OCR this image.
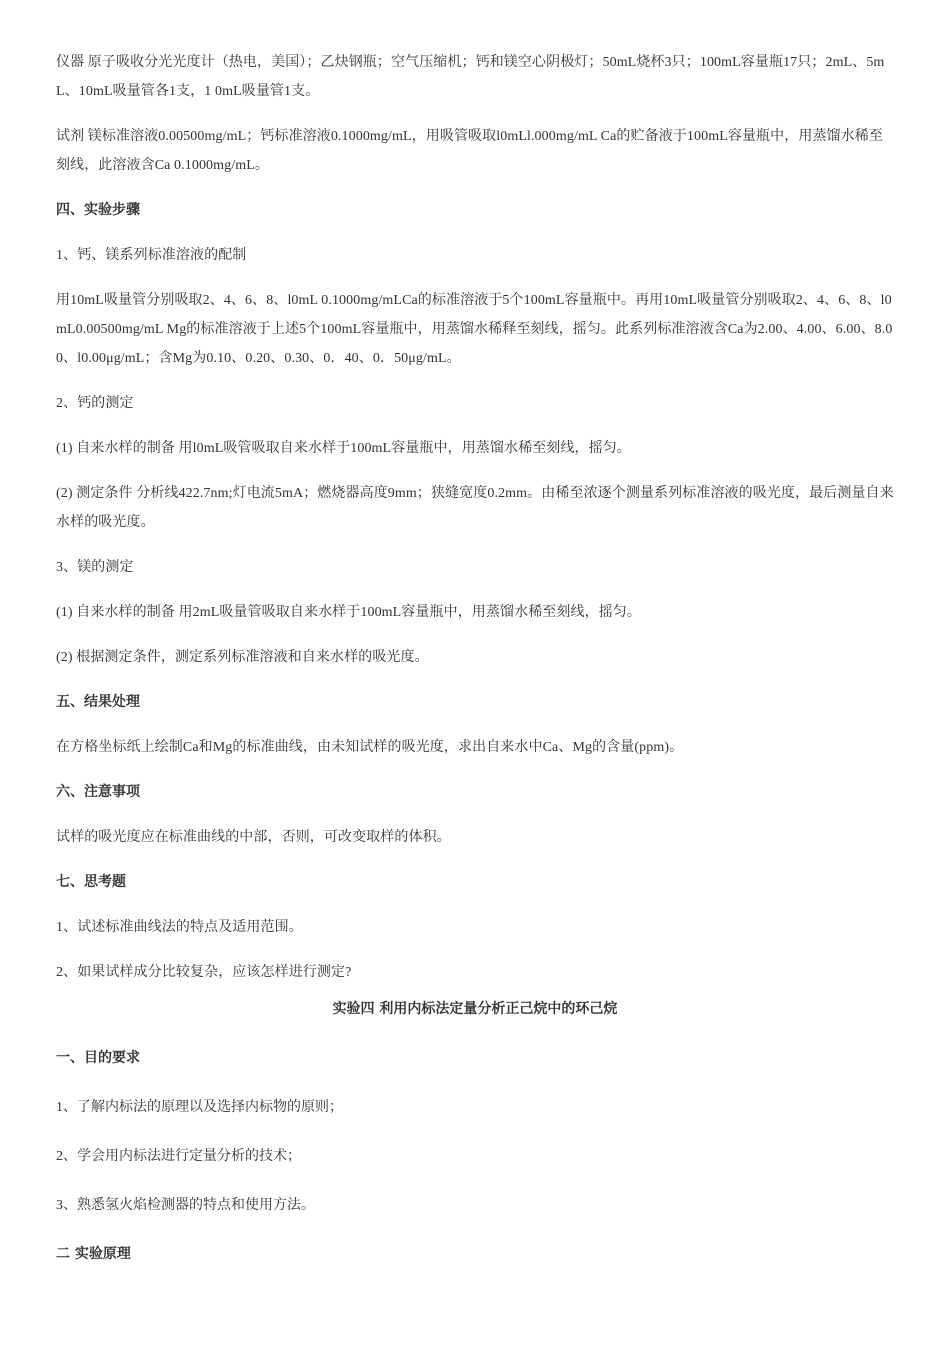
仪器 原子吸收分光光度计（热电，美国）；乙炔钢瓶；空气压缩机；钙和镁空心阴极灯；50mL烧杯3只；100mL容量瓶17只；2mL、5mL、10mL吸量管各1支，1 0mL吸量管1支。

试剂 镁标准溶液0.00500mg/mL；钙标准溶液0.1000mg/mL，用吸管吸取l0mLl.000mg/mL Ca的贮备液于100mL容量瓶中，用蒸馏水稀至刻线，此溶液含Ca 0.1000mg/mL。

四、实验步骤

1、钙、镁系列标准溶液的配制

用10mL吸量管分别吸取2、4、6、8、l0mL 0.1000mg/mLCa的标准溶液于5个100mL容量瓶中。再用10mL吸量管分别吸取2、4、6、8、l0mL0.00500mg/mL Mg的标准溶液于上述5个100mL容量瓶中，用蒸馏水稀释至刻线，摇匀。此系列标准溶液含Ca为2.00、4.00、6.00、8.00、l0.00μg/mL；含Mg为0.10、0.20、0.30、0．40、0．50μg/mL。

2、钙的测定

(1) 自来水样的制备 用l0mL吸管吸取自来水样于100mL容量瓶中，用蒸馏水稀至刻线，摇匀。

(2) 测定条件 分析线422.7nm;灯电流5mA；燃烧器高度9mm；狭缝宽度0.2mm。由稀至浓逐个测量系列标准溶液的吸光度，最后测量自来水样的吸光度。

3、镁的测定

(1) 自来水样的制备 用2mL吸量管吸取自来水样于100mL容量瓶中，用蒸馏水稀至刻线，摇匀。

(2) 根据测定条件，测定系列标准溶液和自来水样的吸光度。

五、结果处理

在方格坐标纸上绘制Ca和Mg的标准曲线，由未知试样的吸光度，求出自来水中Ca、Mg的含量(ppm)。

六、注意事项

试样的吸光度应在标准曲线的中部，否则，可改变取样的体积。

七、思考题

1、试述标准曲线法的特点及适用范围。

2、如果试样成分比较复杂，应该怎样进行测定?

实验四 利用内标法定量分析正己烷中的环己烷
一、目的要求

1、了解内标法的原理以及选择内标物的原则；

2、学会用内标法进行定量分析的技术；

3、熟悉氢火焰检测器的特点和使用方法。

二 实验原理
